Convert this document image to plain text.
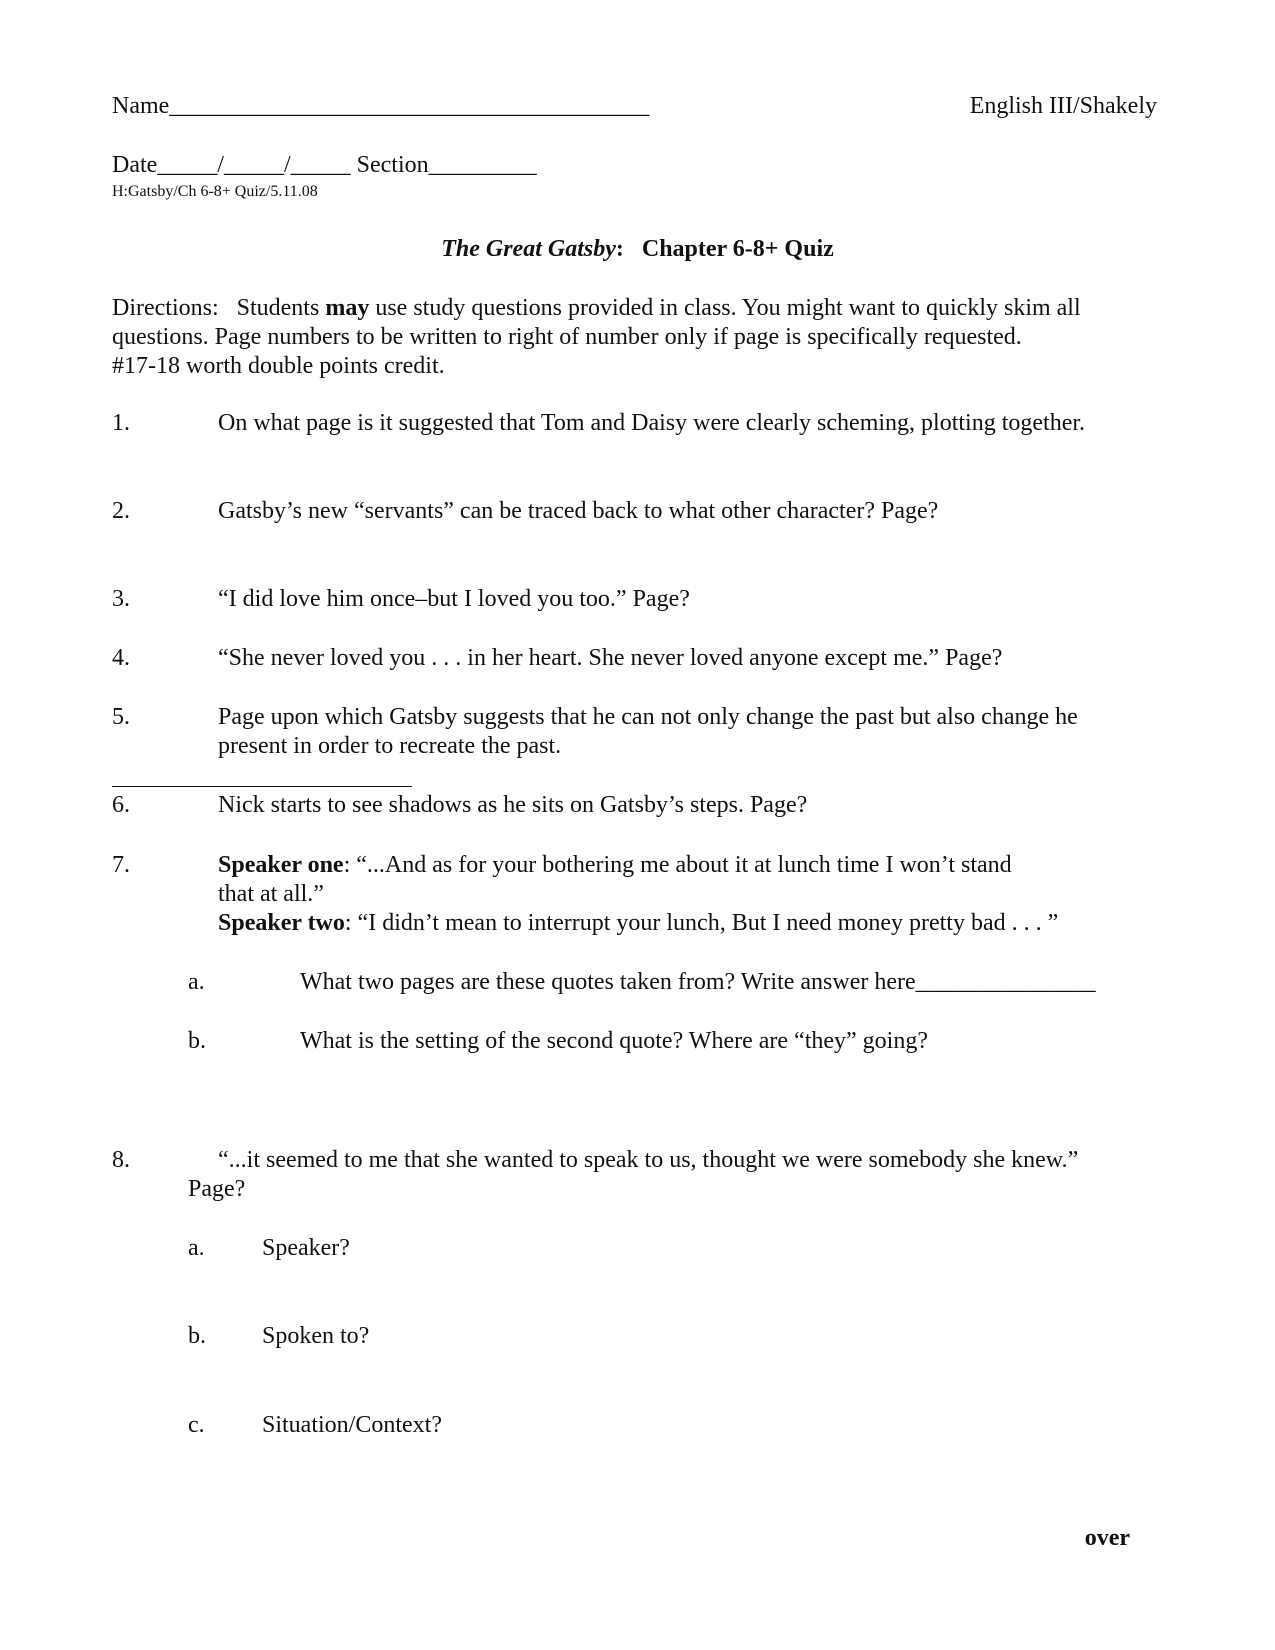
Name________________________________________	English III/Shakely
Date_____/_____/_____ Section_________
H:Gatsby/Ch 6-8+ Quiz/5.11.08
The Great Gatsby: Chapter 6-8+ Quiz
Directions: Students may use study questions provided in class. You might want to quickly skim all
questions. Page numbers to be written to right of number only if page is specifically requested.
#17-18 worth double points credit.
1.	On what page is it suggested that Tom and Daisy were clearly scheming, plotting together.
2.	Gatsby’s new “servants” can be traced back to what other character? Page?
3.	“I did love him once–but I loved you too.” Page?
4.	“She never loved you . . . in her heart. She never loved anyone except me.” Page?
5.	Page upon which Gatsby suggests that he can not only change the past but also change he
present in order to recreate the past.
6.	Nick starts to see shadows as he sits on Gatsby’s steps. Page?
7.	Speaker one: “...And as for your bothering me about it at lunch time I won’t stand
that at all.”
Speaker two: “I didn’t mean to interrupt your lunch, But I need money pretty bad . . . ”
a.	What two pages are these quotes taken from? Write answer here_______________
b.	What is the setting of the second quote? Where are “they” going?
8.	“...it seemed to me that she wanted to speak to us, thought we were somebody she knew.”
Page?
a. Speaker?
b. Spoken to?
c. Situation/Context?
over
